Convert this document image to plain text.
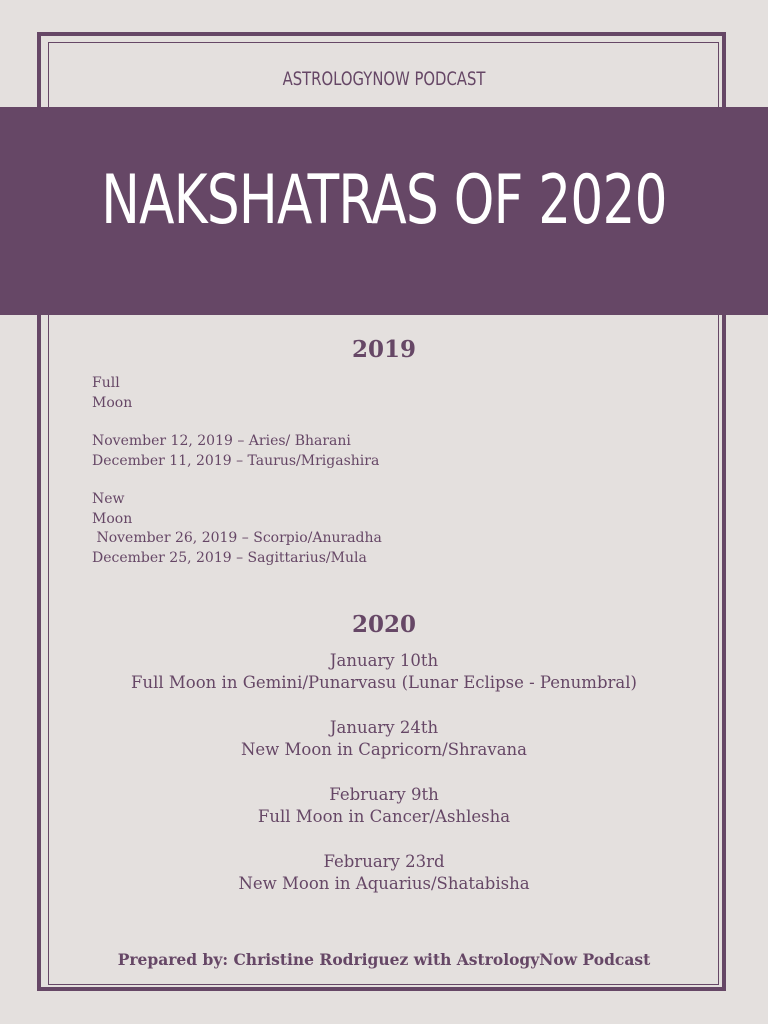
ASTROLOGYNOW PODCAST
NAKSHATRAS OF 2020
2019
Full
Moon
November 12, 2019 – Aries/ Bharani
December 11, 2019 – Taurus/Mrigashira
New
Moon
November 26, 2019 – Scorpio/Anuradha
December 25, 2019 – Sagittarius/Mula
2020
January 10th
Full Moon in Gemini/Punarvasu (Lunar Eclipse - Penumbral)
January 24th
New Moon in Capricorn/Shravana
February 9th
Full Moon in Cancer/Ashlesha
February 23rd
New Moon in Aquarius/Shatabisha
Prepared by: Christine Rodriguez with AstrologyNow Podcast
